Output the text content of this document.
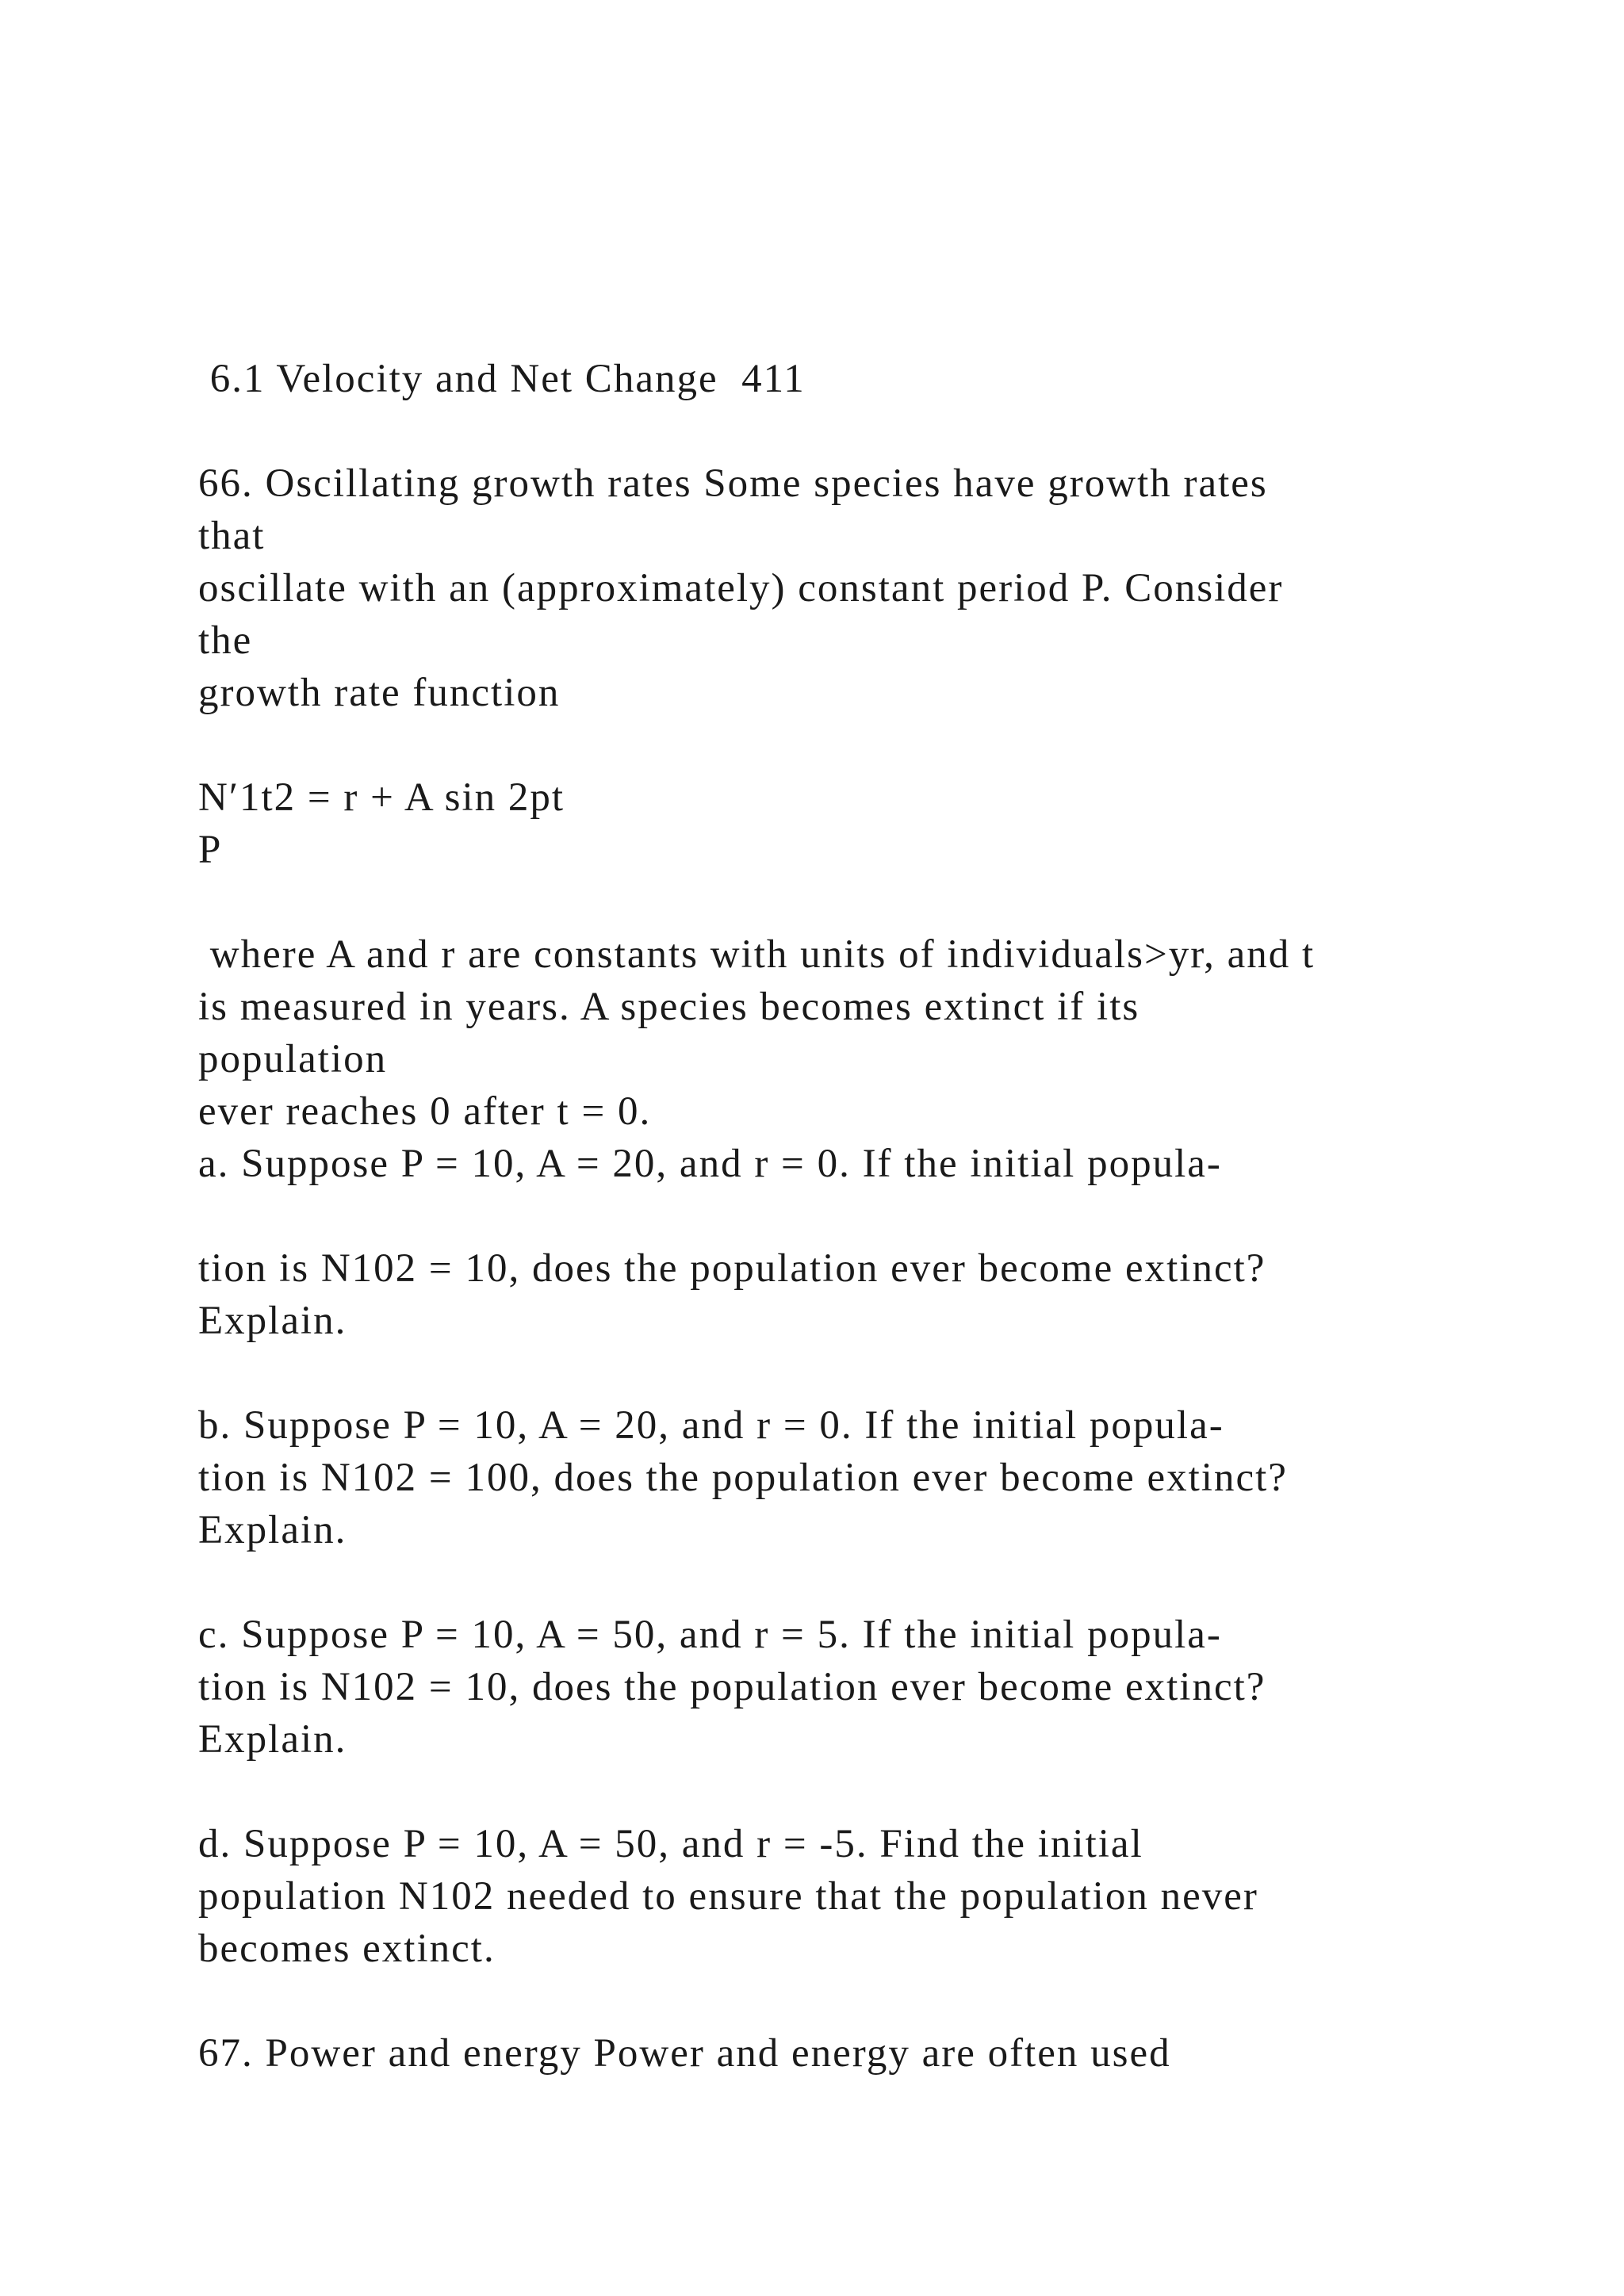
6.1 Velocity and Net Change  411
66. Oscillating growth rates Some species have growth rates
that
oscillate with an (approximately) constant period P. Consider
the
growth rate function
N′1t2 = r + A sin 2pt
P
where A and r are constants with units of individuals>yr, and t
is measured in years. A species becomes extinct if its
population
ever reaches 0 after t = 0.
a. Suppose P = 10, A = 20, and r = 0. If the initial popula-
tion is N102 = 10, does the population ever become extinct?
Explain.
b. Suppose P = 10, A = 20, and r = 0. If the initial popula-
tion is N102 = 100, does the population ever become extinct?
Explain.
c. Suppose P = 10, A = 50, and r = 5. If the initial popula-
tion is N102 = 10, does the population ever become extinct?
Explain.
d. Suppose P = 10, A = 50, and r = -5. Find the initial
population N102 needed to ensure that the population never
becomes extinct.
67. Power and energy Power and energy are often used
